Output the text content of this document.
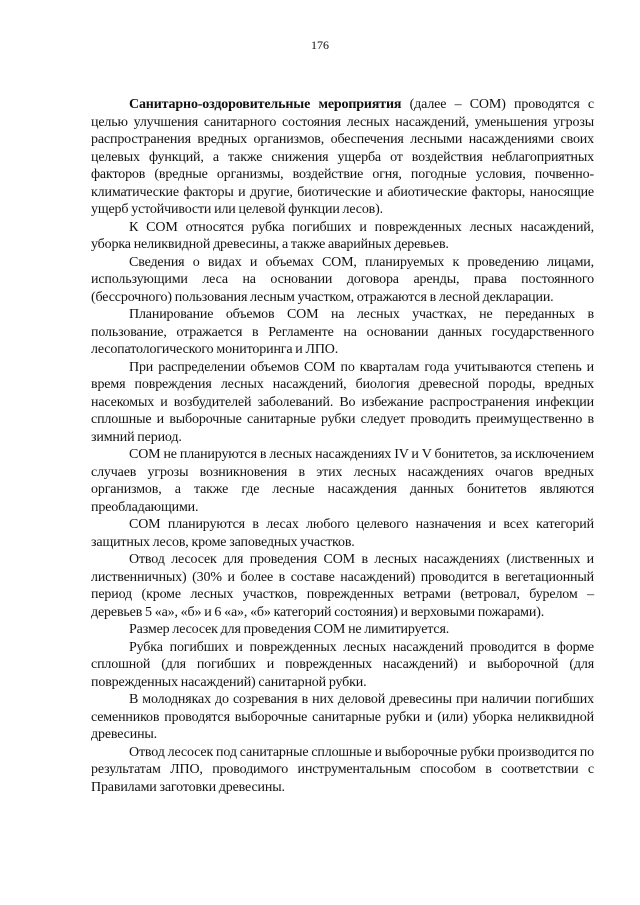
176

Санитарно-оздоровительные мероприятия (далее – СОМ) проводятся с целью улучшения санитарного состояния лесных насаждений, уменьшения угрозы распространения вредных организмов, обеспечения лесными насаждениями своих целевых функций, а также снижения ущерба от воздействия неблагоприятных факторов (вредные организмы, воздействие огня, погодные условия, почвенно-климатические факторы и другие, биотические и абиотические факторы, наносящие ущерб устойчивости или целевой функции лесов).

К СОМ относятся рубка погибших и поврежденных лесных насаждений, уборка неликвидной древесины, а также аварийных деревьев.

Сведения о видах и объемах СОМ, планируемых к проведению лицами, использующими леса на основании договора аренды, права постоянного (бессрочного) пользования лесным участком, отражаются в лесной декларации.

Планирование объемов СОМ на лесных участках, не переданных в пользование, отражается в Регламенте на основании данных государственного лесопатологического мониторинга и ЛПО.

При распределении объемов СОМ по кварталам года учитываются степень и время повреждения лесных насаждений, биология древесной породы, вредных насекомых и возбудителей заболеваний. Во избежание распространения инфекции сплошные и выборочные санитарные рубки следует проводить преимущественно в зимний период.

СОМ не планируются в лесных насаждениях IV и V бонитетов, за исключением случаев угрозы возникновения в этих лесных насаждениях очагов вредных организмов, а также где лесные насаждения данных бонитетов являются преобладающими.

СОМ планируются в лесах любого целевого назначения и всех категорий защитных лесов, кроме заповедных участков.

Отвод лесосек для проведения СОМ в лесных насаждениях (лиственных и лиственничных) (30% и более в составе насаждений) проводится в вегетационный период (кроме лесных участков, поврежденных ветрами (ветровал, бурелом – деревьев 5 «а», «б» и 6 «а», «б» категорий состояния) и верховыми пожарами).

Размер лесосек для проведения СОМ не лимитируется.

Рубка погибших и поврежденных лесных насаждений проводится в форме сплошной (для погибших и поврежденных насаждений) и выборочной (для поврежденных насаждений) санитарной рубки.

В молодняках до созревания в них деловой древесины при наличии погибших семенников проводятся выборочные санитарные рубки и (или) уборка неликвидной древесины.

Отвод лесосек под санитарные сплошные и выборочные рубки производится по результатам ЛПО, проводимого инструментальным способом в соответствии с Правилами заготовки древесины.
